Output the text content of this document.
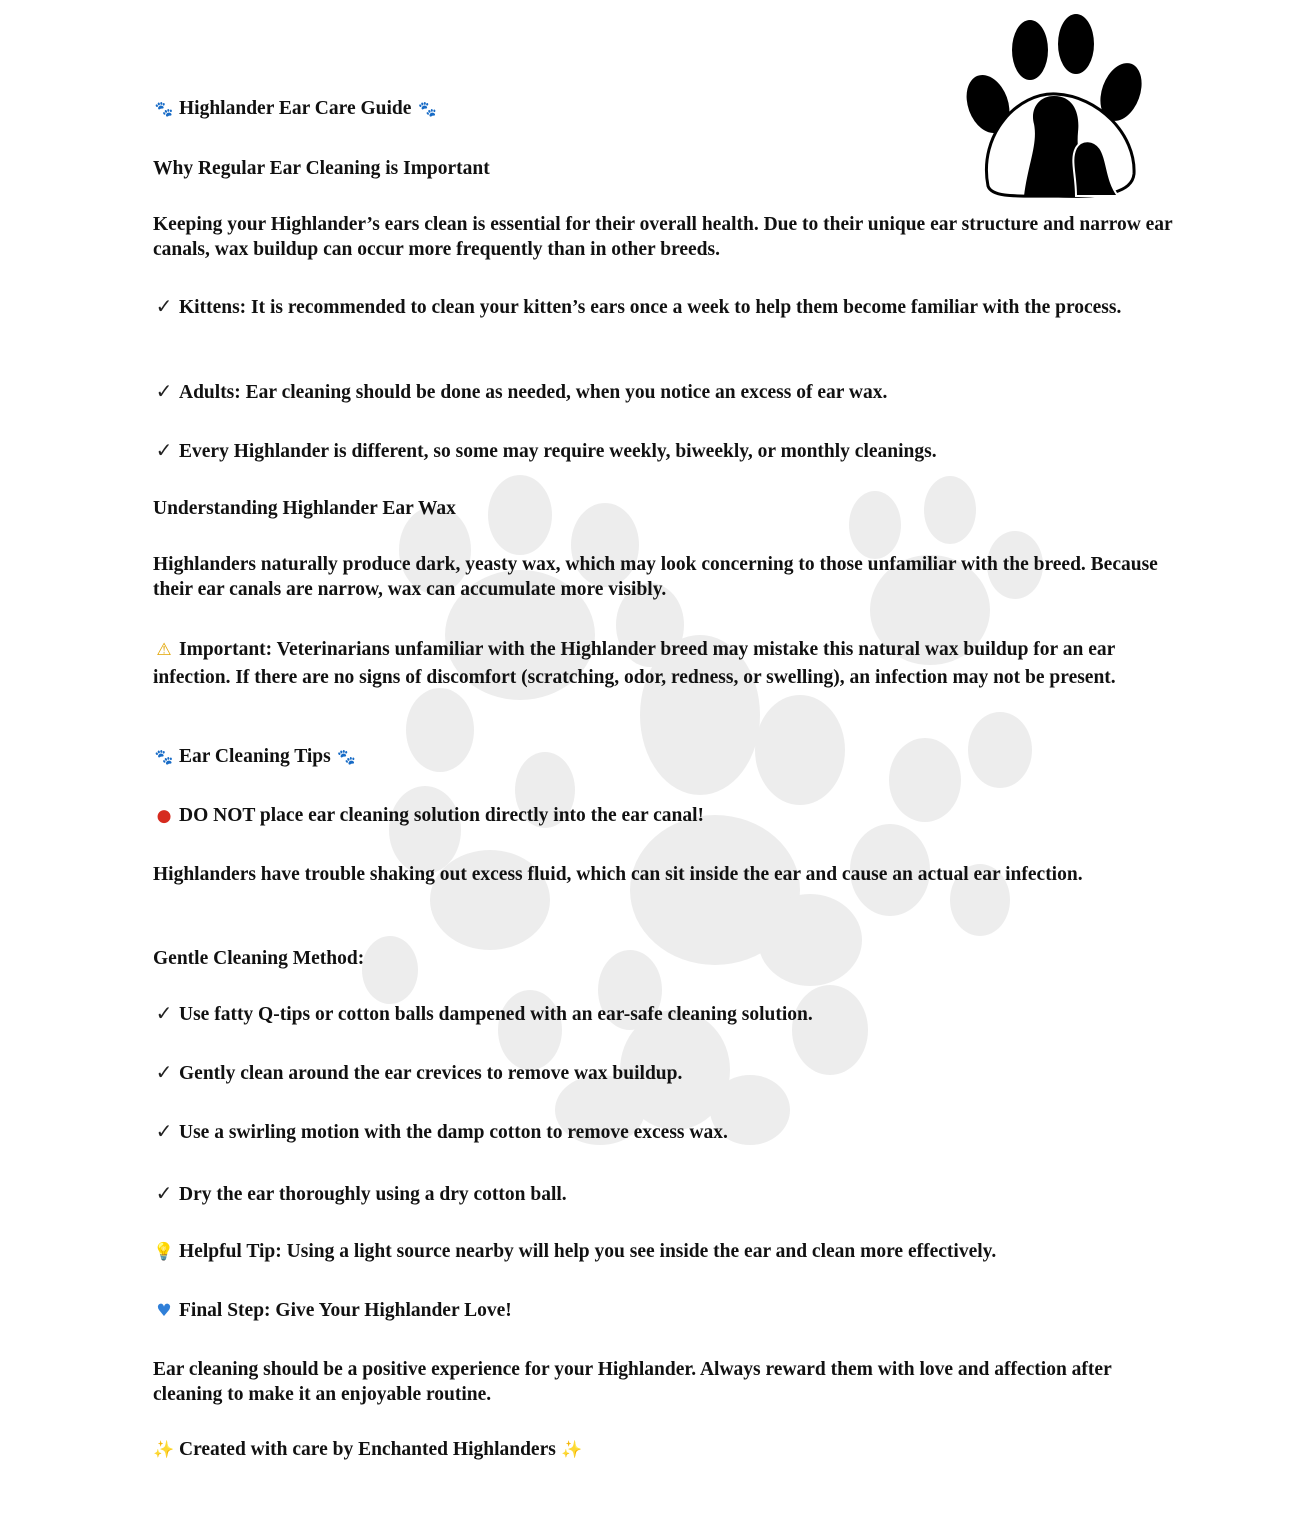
🐾 Highlander Ear Care Guide 🐾
Why Regular Ear Cleaning is Important
Keeping your Highlander’s ears clean is essential for their overall health. Due to their unique ear structure and narrow ear canals, wax buildup can occur more frequently than in other breeds.
✓ Kittens: It is recommended to clean your kitten’s ears once a week to help them become familiar with the process.
✓ Adults: Ear cleaning should be done as needed, when you notice an excess of ear wax.
✓ Every Highlander is different, so some may require weekly, biweekly, or monthly cleanings.
Understanding Highlander Ear Wax
Highlanders naturally produce dark, yeasty wax, which may look concerning to those unfamiliar with the breed. Because their ear canals are narrow, wax can accumulate more visibly.
⚠ Important: Veterinarians unfamiliar with the Highlander breed may mistake this natural wax buildup for an ear infection. If there are no signs of discomfort (scratching, odor, redness, or swelling), an infection may not be present.
🐾 Ear Cleaning Tips 🐾
● DO NOT place ear cleaning solution directly into the ear canal!
Highlanders have trouble shaking out excess fluid, which can sit inside the ear and cause an actual ear infection.
Gentle Cleaning Method:
✓ Use fatty Q-tips or cotton balls dampened with an ear-safe cleaning solution.
✓ Gently clean around the ear crevices to remove wax buildup.
✓ Use a swirling motion with the damp cotton to remove excess wax.
✓ Dry the ear thoroughly using a dry cotton ball.
💡 Helpful Tip: Using a light source nearby will help you see inside the ear and clean more effectively.
♥ Final Step: Give Your Highlander Love!
Ear cleaning should be a positive experience for your Highlander. Always reward them with love and affection after cleaning to make it an enjoyable routine.
✨ Created with care by Enchanted Highlanders ✨
